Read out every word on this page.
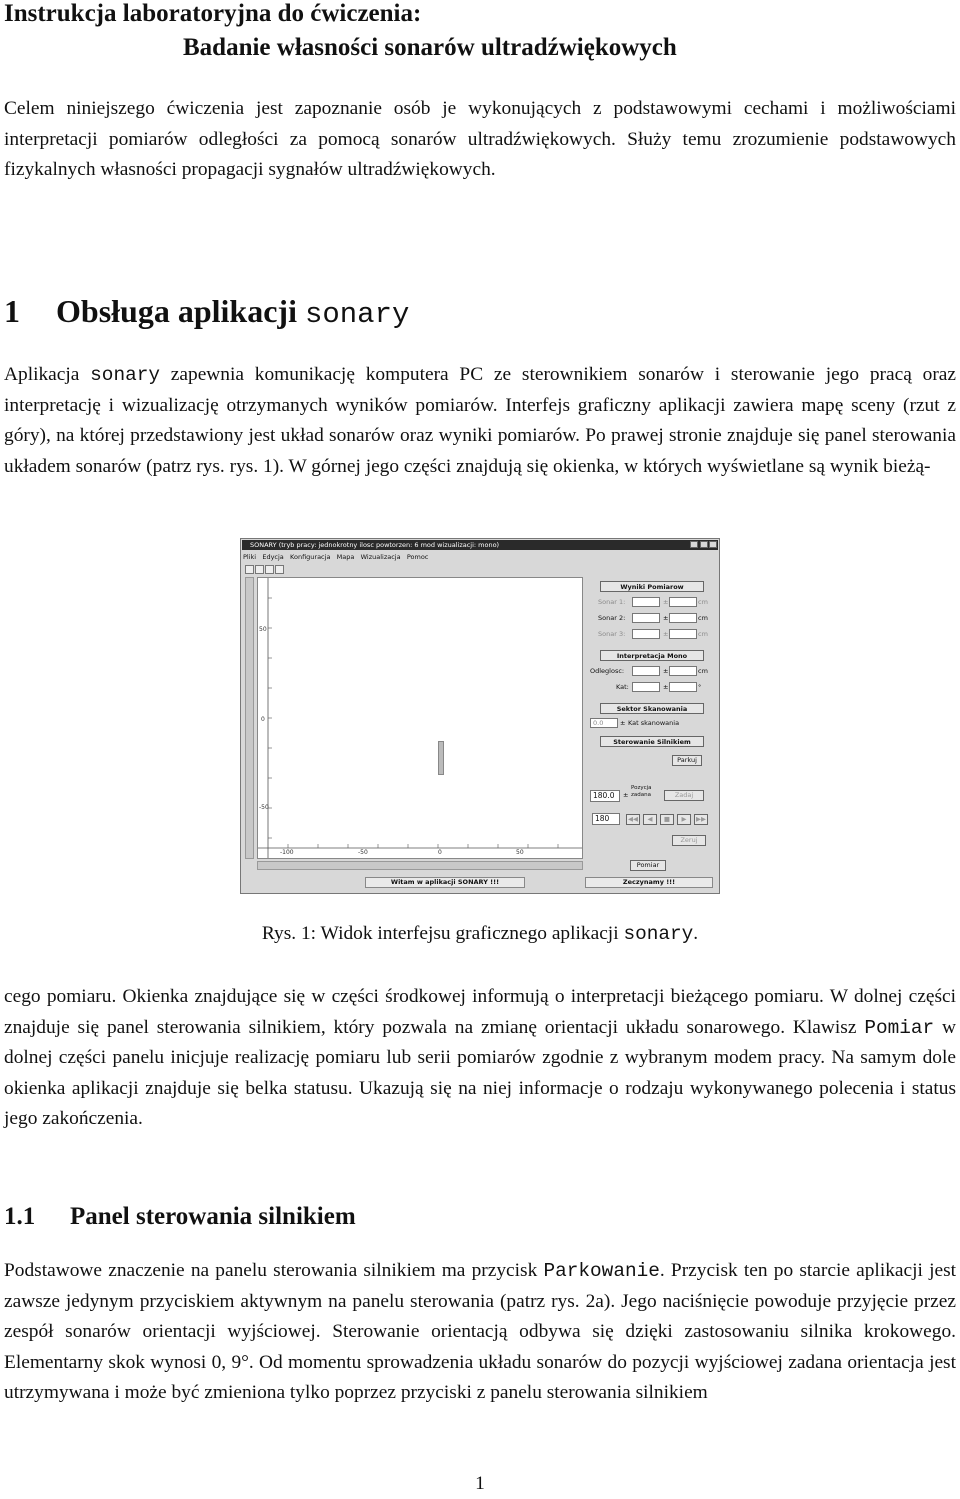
Instrukcja laboratoryjna do ćwiczenia:
Badanie własności sonarów ultradźwiękowych

Celem niniejszego ćwiczenia jest zapoznanie osób je wykonujących z podstawowymi cechami i możliwościami interpretacji pomiarów odległości za pomocą sonarów ultradźwiękowych. Służy temu zrozumienie podstawowych fizykalnych własności propagacji sygnałów ultradźwiękowych.

1 Obsługa aplikacji sonary

Aplikacja sonary zapewnia komunikację komputera PC ze sterownikiem sonarów i sterowanie jego pracą oraz interpretację i wizualizację otrzymanych wyników pomiarów. Interfejs graficzny aplikacji zawiera mapę sceny (rzut z góry), na której przedstawiony jest układ sonarów oraz wyniki pomiarów. Po prawej stronie znajduje się panel sterowania układem sonarów (patrz rys. rys. 1). W górnej jego części znajdują się okienka, w których wyświetlane są wynik bieżą-

SONARY (tryb pracy: jednokrotny ilosc powtorzen: 6 mod wizualizacji: mono)
Pliki Edycja Konfiguracja Mapa Wizualizacja Pomoc
50
0
-50
-100	-50	0	50
Wyniki Pomiarow
Sonar 1:	±	cm
Sonar 2:	±	cm
Sonar 3:	±	cm
Interpretacja Mono
Odleglosc:	±	cm
Kat:	±	°
Sektor Skanowania
0.0	± Kat skanowania
Sterowanie Silnikiem
Parkuj
180.0	±
Pozycja
zadana	Zadaj
180	◀◀	◀	■	▶	▶▶
Zeruj
Pomiar
Witam w aplikacji SONARY !!!	Zeczynamy !!!
Rys. 1: Widok interfejsu graficznego aplikacji sonary.

cego pomiaru. Okienka znajdujące się w części środkowej informują o interpretacji bieżącego pomiaru. W dolnej części znajduje się panel sterowania silnikiem, który pozwala na zmianę orientacji układu sonarowego. Klawisz Pomiar w dolnej części panelu inicjuje realizację pomiaru lub serii pomiarów zgodnie z wybranym modem pracy. Na samym dole okienka aplikacji znajduje się belka statusu. Ukazują się na niej informacje o rodzaju wykonywanego polecenia i status jego zakończenia.

1.1 Panel sterowania silnikiem

Podstawowe znaczenie na panelu sterowania silnikiem ma przycisk Parkowanie. Przycisk ten po starcie aplikacji jest zawsze jedynym przyciskiem aktywnym na panelu sterowania (patrz rys. 2a). Jego naciśnięcie powoduje przyjęcie przez zespół sonarów orientacji wyjściowej. Sterowanie orientacją odbywa się dzięki zastosowaniu silnika krokowego. Elementarny skok wynosi 0, 9°. Od momentu sprowadzenia układu sonarów do pozycji wyjściowej zadana orientacja jest utrzymywana i może być zmieniona tylko poprzez przyciski z panelu sterowania silnikiem

1
